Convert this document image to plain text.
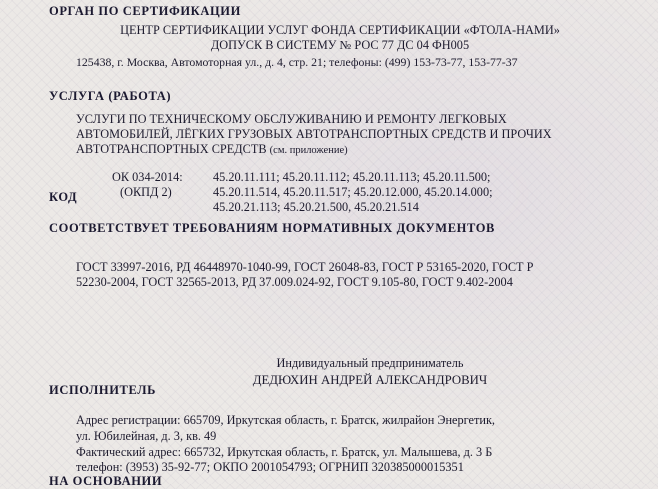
ОРГАН ПО СЕРТИФИКАЦИИ
ЦЕНТР СЕРТИФИКАЦИИ УСЛУГ ФОНДА СЕРТИФИКАЦИИ «ФТОЛА-НАМИ»
ДОПУСК В СИСТЕМУ № РОС 77 ДС 04 ФН005
125438, г. Москва, Автомоторная ул., д. 4, стр. 21; телефоны: (499) 153-73-77, 153-77-37
УСЛУГА (РАБОТА)
УСЛУГИ ПО ТЕХНИЧЕСКОМУ ОБСЛУЖИВАНИЮ И РЕМОНТУ ЛЕГКОВЫХ
АВТОМОБИЛЕЙ, ЛЁГКИХ ГРУЗОВЫХ АВТОТРАНСПОРТНЫХ СРЕДСТВ И ПРОЧИХ
АВТОТРАНСПОРТНЫХ СРЕДСТВ (см. приложение)
КОД
ОК 034-2014:
(ОКПД 2)
45.20.11.111; 45.20.11.112; 45.20.11.113; 45.20.11.500;
45.20.11.514, 45.20.11.517; 45.20.12.000, 45.20.14.000;
45.20.21.113; 45.20.21.500, 45.20.21.514
СООТВЕТСТВУЕТ ТРЕБОВАНИЯМ НОРМАТИВНЫХ ДОКУМЕНТОВ
ГОСТ 33997-2016, РД 46448970-1040-99, ГОСТ 26048-83, ГОСТ Р 53165-2020, ГОСТ Р
52230-2004, ГОСТ 32565-2013, РД 37.009.024-92, ГОСТ 9.105-80, ГОСТ 9.402-2004
Индивидуальный предприниматель
ДЕДЮХИН АНДРЕЙ АЛЕКСАНДРОВИЧ
ИСПОЛНИТЕЛЬ
Адрес регистрации: 665709, Иркутская область, г. Братск, жилрайон Энергетик,
ул. Юбилейная, д. 3, кв. 49
Фактический адрес: 665732, Иркутская область, г. Братск, ул. Малышева, д. 3 Б
телефон: (3953) 35-92-77; ОКПО 2001054793; ОГРНИП 320385000015351
НА ОСНОВАНИИ
